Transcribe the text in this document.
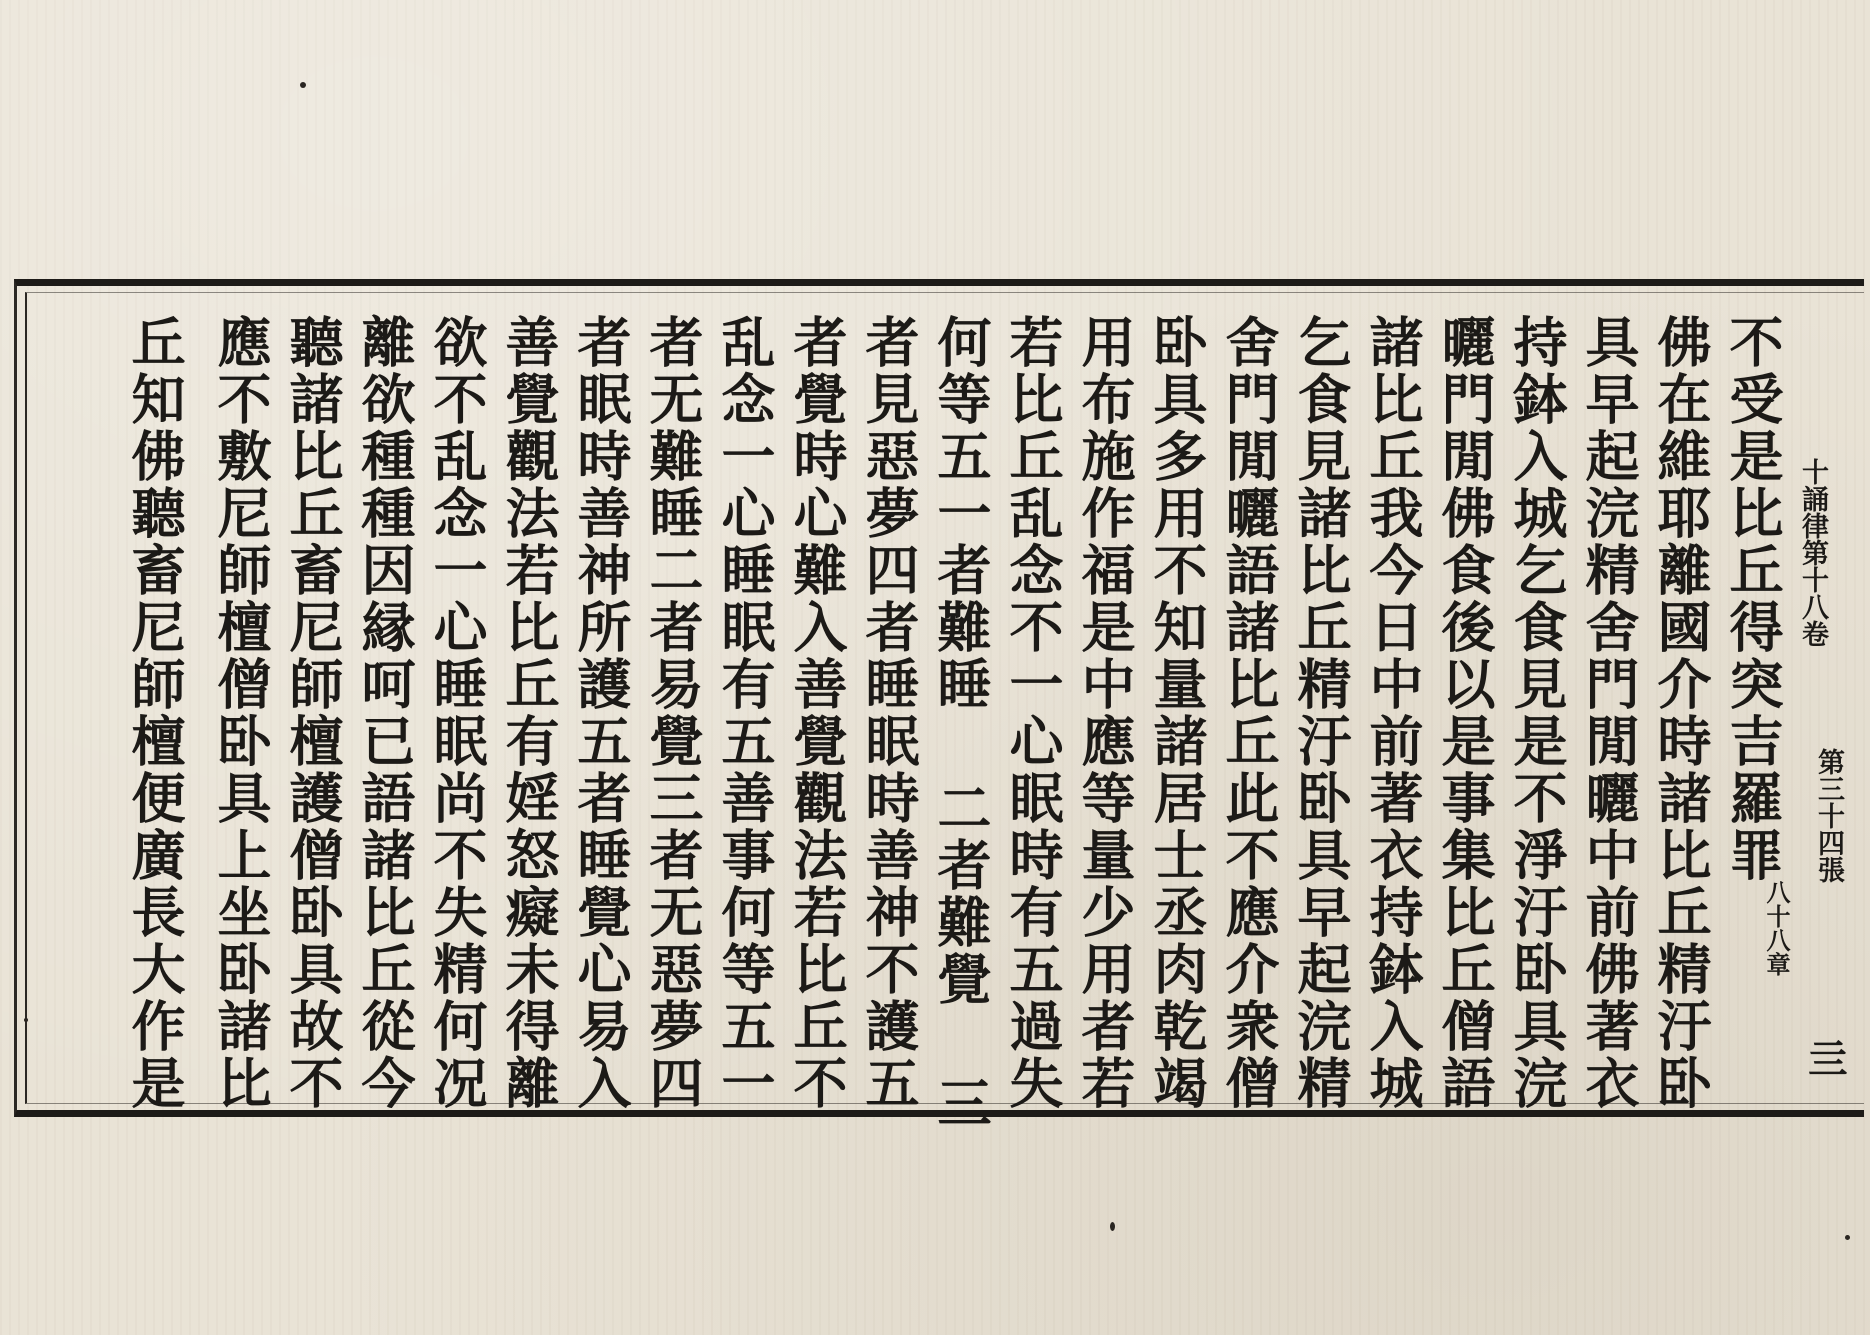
不受是比丘得突吉羅罪
佛在維耶離國介時諸比丘精汙卧
具早起浣精舍門閒曬中前佛著衣
持鉢入城乞食見是不淨汙卧具浣
曬門閒佛食後以是事集比丘僧語
諸比丘我今日中前著衣持鉢入城
乞食見諸比丘精汙卧具早起浣精
舍門閒曬語諸比丘此不應介衆僧
卧具多用不知量諸居士丞肉乾竭
用布施作福是中應等量少用者若
若比丘乱念不一心眠時有五過失
何等五一者難睡 二者難覺 三
者見惡夢四者睡眠時善神不護五
者覺時心難入善覺觀法若比丘不
乱念一心睡眠有五善事何等五一
者无難睡二者易覺三者无惡夢四
者眠時善神所護五者睡覺心易入
善覺觀法若比丘有婬怒癡未得離
欲不乱念一心睡眠尚不失精何况
離欲種種因縁呵已語諸比丘從今
聽諸比丘畜尼師檀護僧卧具故不
應不敷尼師檀僧卧具上坐卧諸比
丘知佛聽畜尼師檀便廣長大作是	十誦律第十八卷
第三十四張
八十八章
亖
